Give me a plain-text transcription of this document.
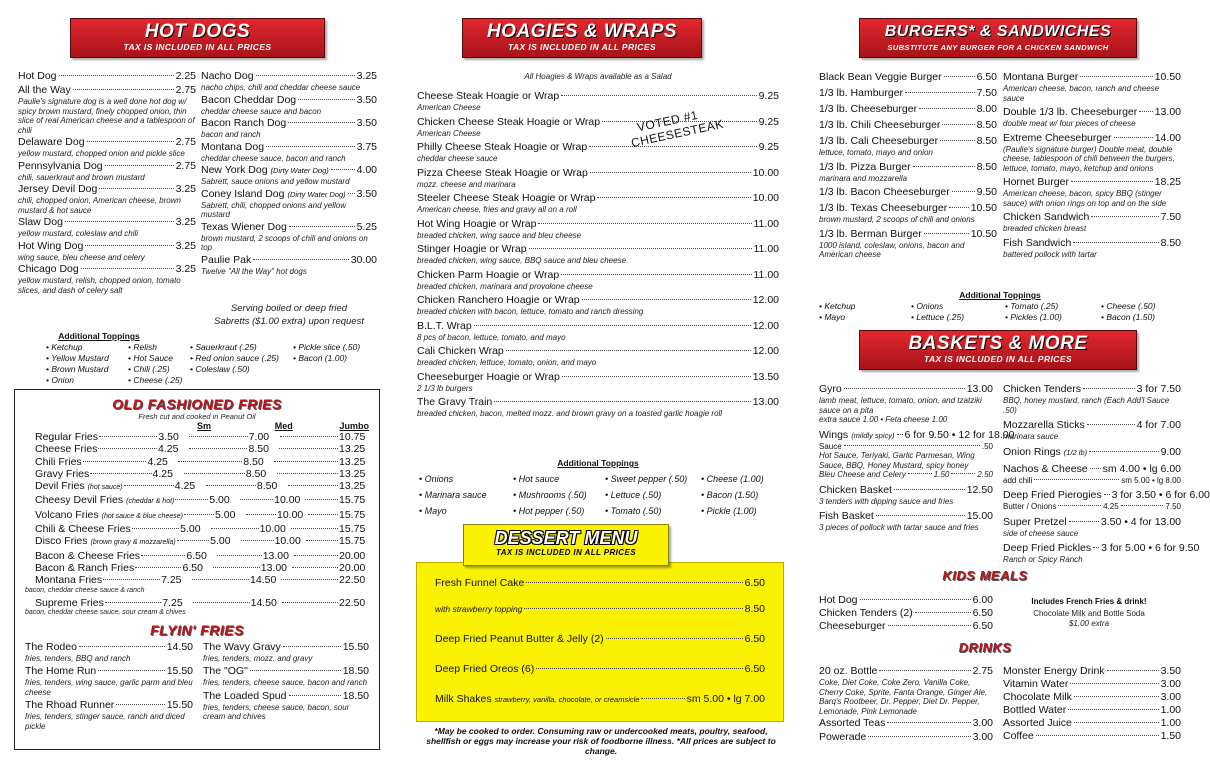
HOT DOGS
TAX IS INCLUDED IN ALL PRICES
Hot Dog	2.25
All the Way	2.75
Paulie's signature dog is a well done hot dog w/ spicy brown mustard, finely chopped onion, thin slice of real American cheese and a tablespoon of chili
Delaware Dog	2.75
yellow mustard, chopped onion and pickle slice
Pennsylvania Dog	2.75
chili, sauerkraut and brown mustard
Jersey Devil Dog	3.25
chili, chopped onion, American cheese, brown mustard & hot sauce
Slaw Dog	3.25
yellow mustard, coleslaw and chili
Hot Wing Dog	3.25
wing sauce, bleu cheese and celery
Chicago Dog	3.25
yellow mustard, relish, chopped onion, tomato slices, and dash of celery salt
Nacho Dog	3.25
nacho chips, chili and cheddar cheese sauce
Bacon Cheddar Dog	3.50
cheddar cheese sauce and bacon
Bacon Ranch Dog	3.50
bacon and ranch
Montana Dog	3.75
cheddar cheese sauce, bacon and ranch
New York Dog (Dirty Water Dog)	4.00
Sabrett, sauce onions and yellow mustard
Coney Island Dog (Dirty Water Dog) 3.50
Sabrett, chili, chopped onions and yellow mustard
Texas Wiener Dog	5.25
brown mustard, 2 scoops of chili and onions on top
Paulie Pak	30.00
Twelve "All the Way" hot dogs
Serving boiled or deep fried Sabretts ($1.00 extra) upon request
Additional Toppings
• Ketchup
• Yellow Mustard
• Brown Mustard
• Onion
• Relish
• Hot Sauce
• Chili (.25)
• Cheese (.25)
• Sauerkraut (.25)
• Red onion sauce (.25)
• Coleslaw (.50)
• Pickle slice (.50)
• Bacon (1.00)
OLD FASHIONED FRIES
Fresh cut and cooked in Peanut Oil
Sm	Med	Jumbo
Regular Fries	3.50	7.00	10.75
Cheese Fries	4.25	8.50	13.25
Chili Fries	4.25	8.50	13.25
Gravy Fries	4.25	8.50	13.25
Devil Fries (hot sauce)	4.25	8.50	13.25
Cheesy Devil Fries (cheddar & hot)	5.00	10.00	15.75
Volcano Fries (hot sauce & blue cheese)	5.00	10.00	15.75
Chili & Cheese Fries	5.00	10.00	15.75
Disco Fries (brown gravy & mozzarella)	5.00	10.00	15.75
Bacon & Cheese Fries	6.50	13.00	20.00
Bacon & Ranch Fries	6.50	13.00	20.00
Montana Fries	7.25	14.50	22.50
bacon, cheddar cheese sauce & ranch
Supreme Fries	7.25	14.50	22.50
bacon, cheddar cheese sauce, sour cream & chives
FLYIN' FRIES
The Rodeo	14.50
fries, tenders, BBQ and ranch
The Home Run	15.50
fries, tenders, wing sauce, garlic parm and bleu cheese
The Rhoad Runner	15.50
fries, tenders, stinger sauce, ranch and diced pickle
The Wavy Gravy	15.50
fries, tenders, mozz. and gravy
The "OG"	18.50
fries, tenders, cheese sauce, bacon and ranch
The Loaded Spud	18.50
fries, tenders, cheese sauce, bacon, sour cream and chives
HOAGIES & WRAPS
TAX IS INCLUDED IN ALL PRICES
All Hoagies & Wraps available as a Salad
Cheese Steak Hoagie or Wrap	9.25
American Cheese
Chicken Cheese Steak Hoagie or Wrap	9.25
American Cheese
Philly Cheese Steak Hoagie or Wrap	9.25
cheddar cheese sauce
Pizza Cheese Steak Hoagie or Wrap	10.00
mozz. cheese and marinara
Steeler Cheese Steak Hoagie or Wrap	10.00
American cheese, fries and gravy all on a roll
Hot Wing Hoagie or Wrap	11.00
breaded chicken, wing sauce and bleu cheese
Stinger Hoagie or Wrap	11.00
breaded chicken, wing sauce, BBQ sauce and bleu cheese
Chicken Parm Hoagie or Wrap	11.00
breaded chicken, marinara and provolone cheese
Chicken Ranchero Hoagie or Wrap	12.00
breaded chicken with bacon, lettuce, tomato and ranch dressing
B.L.T. Wrap	12.00
8 pcs of bacon, lettuce, tomato, and mayo
Cali Chicken Wrap	12.00
breaded chicken, lettuce, tomato, onion, and mayo
Cheeseburger Hoagie or Wrap	13.50
2 1/3 lb burgers
The Gravy Train	13.00
breaded chicken, bacon, melted mozz. and brown gravy on a toasted garlic hoagie roll
Additional Toppings
• Onions
• Marinara sauce
• Mayo
• Hot sauce
• Mushrooms (.50)
• Hot pepper (.50)
• Sweet pepper (.50)
• Lettuce (.50)
• Tomato (.50)
• Cheese (1.00)
• Bacon (1.50)
• Pickle (1.00)
VOTED #1 CHEESESTEAK
Fresh Funnel Cake	6.50
with strawberry topping	8.50
Deep Fried Peanut Butter & Jelly (2)	6.50
Deep Fried Oreos (6)	6.50
Milk Shakes
strawberry, vanilla, chocolate, or creamsicle	sm 5.00 • lg 7.00
DESSERT MENU
TAX IS INCLUDED IN ALL PRICES
*May be cooked to order. Consuming raw or undercooked meats, poultry, seafood, shellfish or eggs may increase your risk of foodborne illness. *All prices are subject to change.
BURGERS* & SANDWICHES
SUBSTITUTE ANY BURGER FOR A CHICKEN SANDWICH
Black Bean Veggie Burger	6.50
1/3 lb. Hamburger	7.50
1/3 lb. Cheeseburger	8.00
1/3 lb. Chili Cheeseburger	8.50
1/3 lb. Cali Cheeseburger	8.50
lettuce, tomato, mayo and onion
1/3 lb. Pizza Burger	8.50
marinara and mozzarella
1/3 lb. Bacon Cheeseburger	9.50
1/3 lb. Texas Cheeseburger 10.50
brown mustard, 2 scoops of chili and onions
1/3 lb. Berman Burger	10.50
1000 island, coleslaw, onions, bacon and American cheese
Montana Burger	10.50
American cheese, bacon, ranch and cheese sauce
Double 1/3 lb. Cheeseburger 13.00
double meat w/ four pieces of cheese
Extreme Cheeseburger	14.00
(Paulie's signature burger) Double meat, double cheese, tablespoon of chili between the burgers, lettuce, tomato, mayo, ketchup and onions
Hornet Burger	18.25
American cheese, bacon, spicy BBQ (stinger sauce) with onion rings on top and on the side
Chicken Sandwich	7.50
breaded chicken breast
Fish Sandwich	8.50
battered pollock with tartar
Additional Toppings
• Ketchup
• Mayo
• Onions
• Lettuce (.25)
• Tomato (.25)
• Pickles (1.00)
• Cheese (.50)
• Bacon (1.50)
BASKETS & MORE
TAX IS INCLUDED IN ALL PRICES
Gyro	13.00
lamb meat, lettuce, tomato, onion, and tzatziki sauce on a pita
extra sauce 1.00 • Feta cheese 1.00
Wings (mildly spicy) 6 for 9.50 • 12 for 18.00
Sauce	.50
Hot Sauce, Teriyaki, Garlic Parmesan, Wing Sauce, BBQ, Honey Mustard, spicy honey
Bleu Cheese and Celery	1.50	2.50
Chicken Basket	12.50
3 tenders with dipping sauce and fries
Fish Basket	15.00
3 pieces of pollock with tartar sauce and fries
Chicken Tenders	3 for 7.50
BBQ, honey mustard, ranch (Each Add'l Sauce .50)
Mozzarella Sticks	4 for 7.00
marinara sauce
Onion Rings (1/2 lb)	9.00
Nachos & Cheese sm 4.00 • lg 6.00
add chili	sm 5.00 • lg 8.00
Deep Fried Pierogies 3 for 3.50 • 6 for 6.00
Butter / Onions	4.25	7.50
Super Pretzel	3.50 • 4 for 13.00
side of cheese sauce
Deep Fried Pickles 3 for 5.00 • 6 for 9.50
Ranch or Spicy Ranch
KIDS MEALS
Hot Dog	6.00
Chicken Tenders (2)	6.50
Cheeseburger	6.50
Includes French Fries & drink!
Chocolate Milk and Bottle Soda
$1.00 extra
DRINKS
20 oz. Bottle	2.75
Coke, Diet Coke, Coke Zero, Vanilla Coke, Cherry Coke, Sprite, Fanta Orange, Ginger Ale, Barq's Rootbeer, Dr. Pepper, Diet Dr. Pepper, Lemonade, Pink Lemonade
Assorted Teas	3.00
Powerade	3.00
Monster Energy Drink	3.50
Vitamin Water	3.00
Chocolate Milk	3.00
Bottled Water	1.00
Assorted Juice	1.00
Coffee	1.50
